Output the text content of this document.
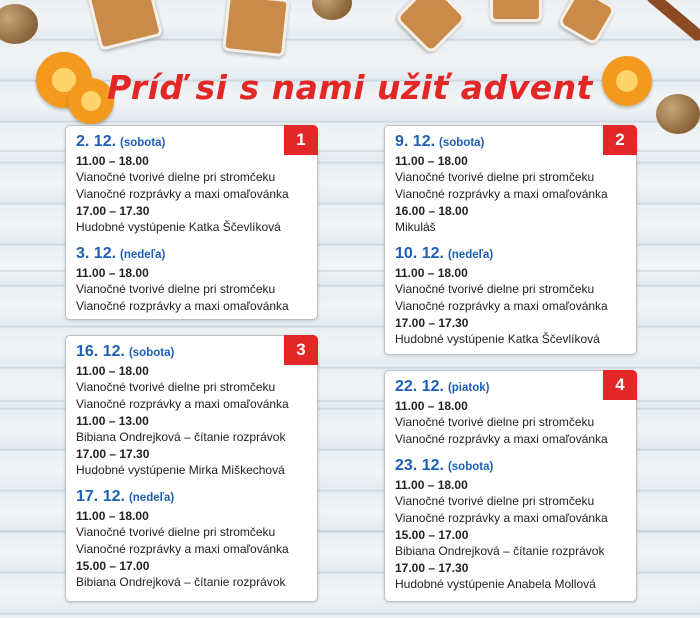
Príď si s nami užiť advent
1
2. 12. (sobota)
11.00 – 18.00
Vianočné tvorivé dielne pri stromčeku
Vianočné rozprávky a maxi omaľovánka
17.00 – 17.30
Hudobné vystúpenie Katka Ščevlíková
3. 12. (nedeľa)
11.00 – 18.00
Vianočné tvorivé dielne pri stromčeku
Vianočné rozprávky a maxi omaľovánka
2
9. 12. (sobota)
11.00 – 18.00
Vianočné tvorivé dielne pri stromčeku
Vianočné rozprávky a maxi omaľovánka
16.00 – 18.00
Mikuláš
10. 12. (nedeľa)
11.00 – 18.00
Vianočné tvorivé dielne pri stromčeku
Vianočné rozprávky a maxi omaľovánka
17.00 – 17.30
Hudobné vystúpenie Katka Ščevlíková
3
16. 12. (sobota)
11.00 – 18.00
Vianočné tvorivé dielne pri stromčeku
Vianočné rozprávky a maxi omaľovánka
11.00 – 13.00
Bibiana Ondrejková – čítanie rozprávok
17.00 – 17.30
Hudobné vystúpenie Mirka Miškechová
17. 12. (nedeľa)
11.00 – 18.00
Vianočné tvorivé dielne pri stromčeku
Vianočné rozprávky a maxi omaľovánka
15.00 – 17.00
Bibiana Ondrejková – čítanie rozprávok
4
22. 12. (piatok)
11.00 – 18.00
Vianočné tvorivé dielne pri stromčeku
Vianočné rozprávky a maxi omaľovánka
23. 12. (sobota)
11.00 – 18.00
Vianočné tvorivé dielne pri stromčeku
Vianočné rozprávky a maxi omaľovánka
15.00 – 17.00
Bibiana Ondrejková – čítanie rozprávok
17.00 – 17.30
Hudobné vystúpenie Anabela Mollová
